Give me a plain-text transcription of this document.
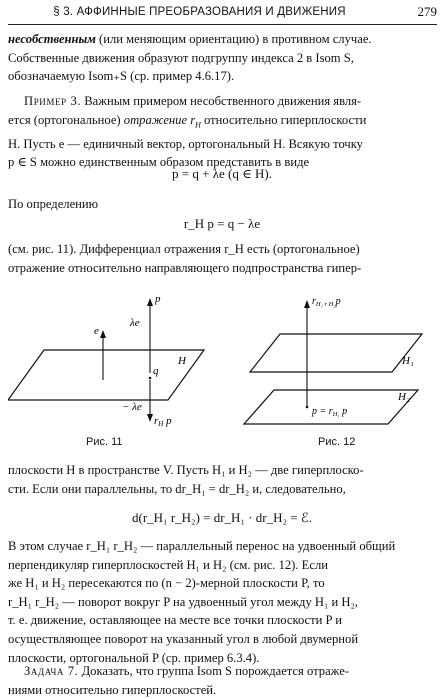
§ 3. АФФИННЫЕ ПРЕОБРАЗОВАНИЯ И ДВИЖЕНИЯ	279

несобственным (или меняющим ориентацию) в противном случае.

Собственные движения образуют подгруппу индекса 2 в Isom S,

обозначаемую Isom₊S (ср. пример 4.6.17).

Пример 3. Важным примером несобственного движения явля-

ется (ортогональное) отражение $r_H$ относительно гиперплоскости

H. Пусть e — единичный вектор, ортогональный H. Всякую точку

p ∈ S можно единственным образом представить в виде

p = q + λe (q ∈ H).

По определению

r_H p = q − λe

(см. рис. 11). Дифференциал отражения r_H есть (ортогональное)

отражение относительно направляющего подпространства гипер-

p
λe
e
H
q
− λe
rH p
Рис. 11
$r_{H_1 r H_2}p$
H₁
H₂
$p = r_{H_1}$ p
Рис. 12

плоскости H в пространстве V. Пусть H₁ и H₂ — две гиперплоско-

сти. Если они параллельны, то dr_H₁ = dr_H₂ и, следовательно,

d(r_H₁ r_H₂) = dr_H₁ · dr_H₂ = ℰ.

В этом случае r_H₁ r_H₂ — параллельный перенос на удвоенный общий

перпендикуляр гиперплоскостей H₁ и H₂ (см. рис. 12). Если

же H₁ и H₂ пересекаются по (n − 2)-мерной плоскости P, то

r_H₁ r_H₂ — поворот вокруг P на удвоенный угол между H₁ и H₂,

т. е. движение, оставляющее на месте все точки плоскости P и

осуществляющее поворот на указанный угол в любой двумерной

плоскости, ортогональной P (ср. пример 6.3.4).

Задача 7. Доказать, что группа Isom S порождается отраже-

ниями относительно гиперплоскостей.
